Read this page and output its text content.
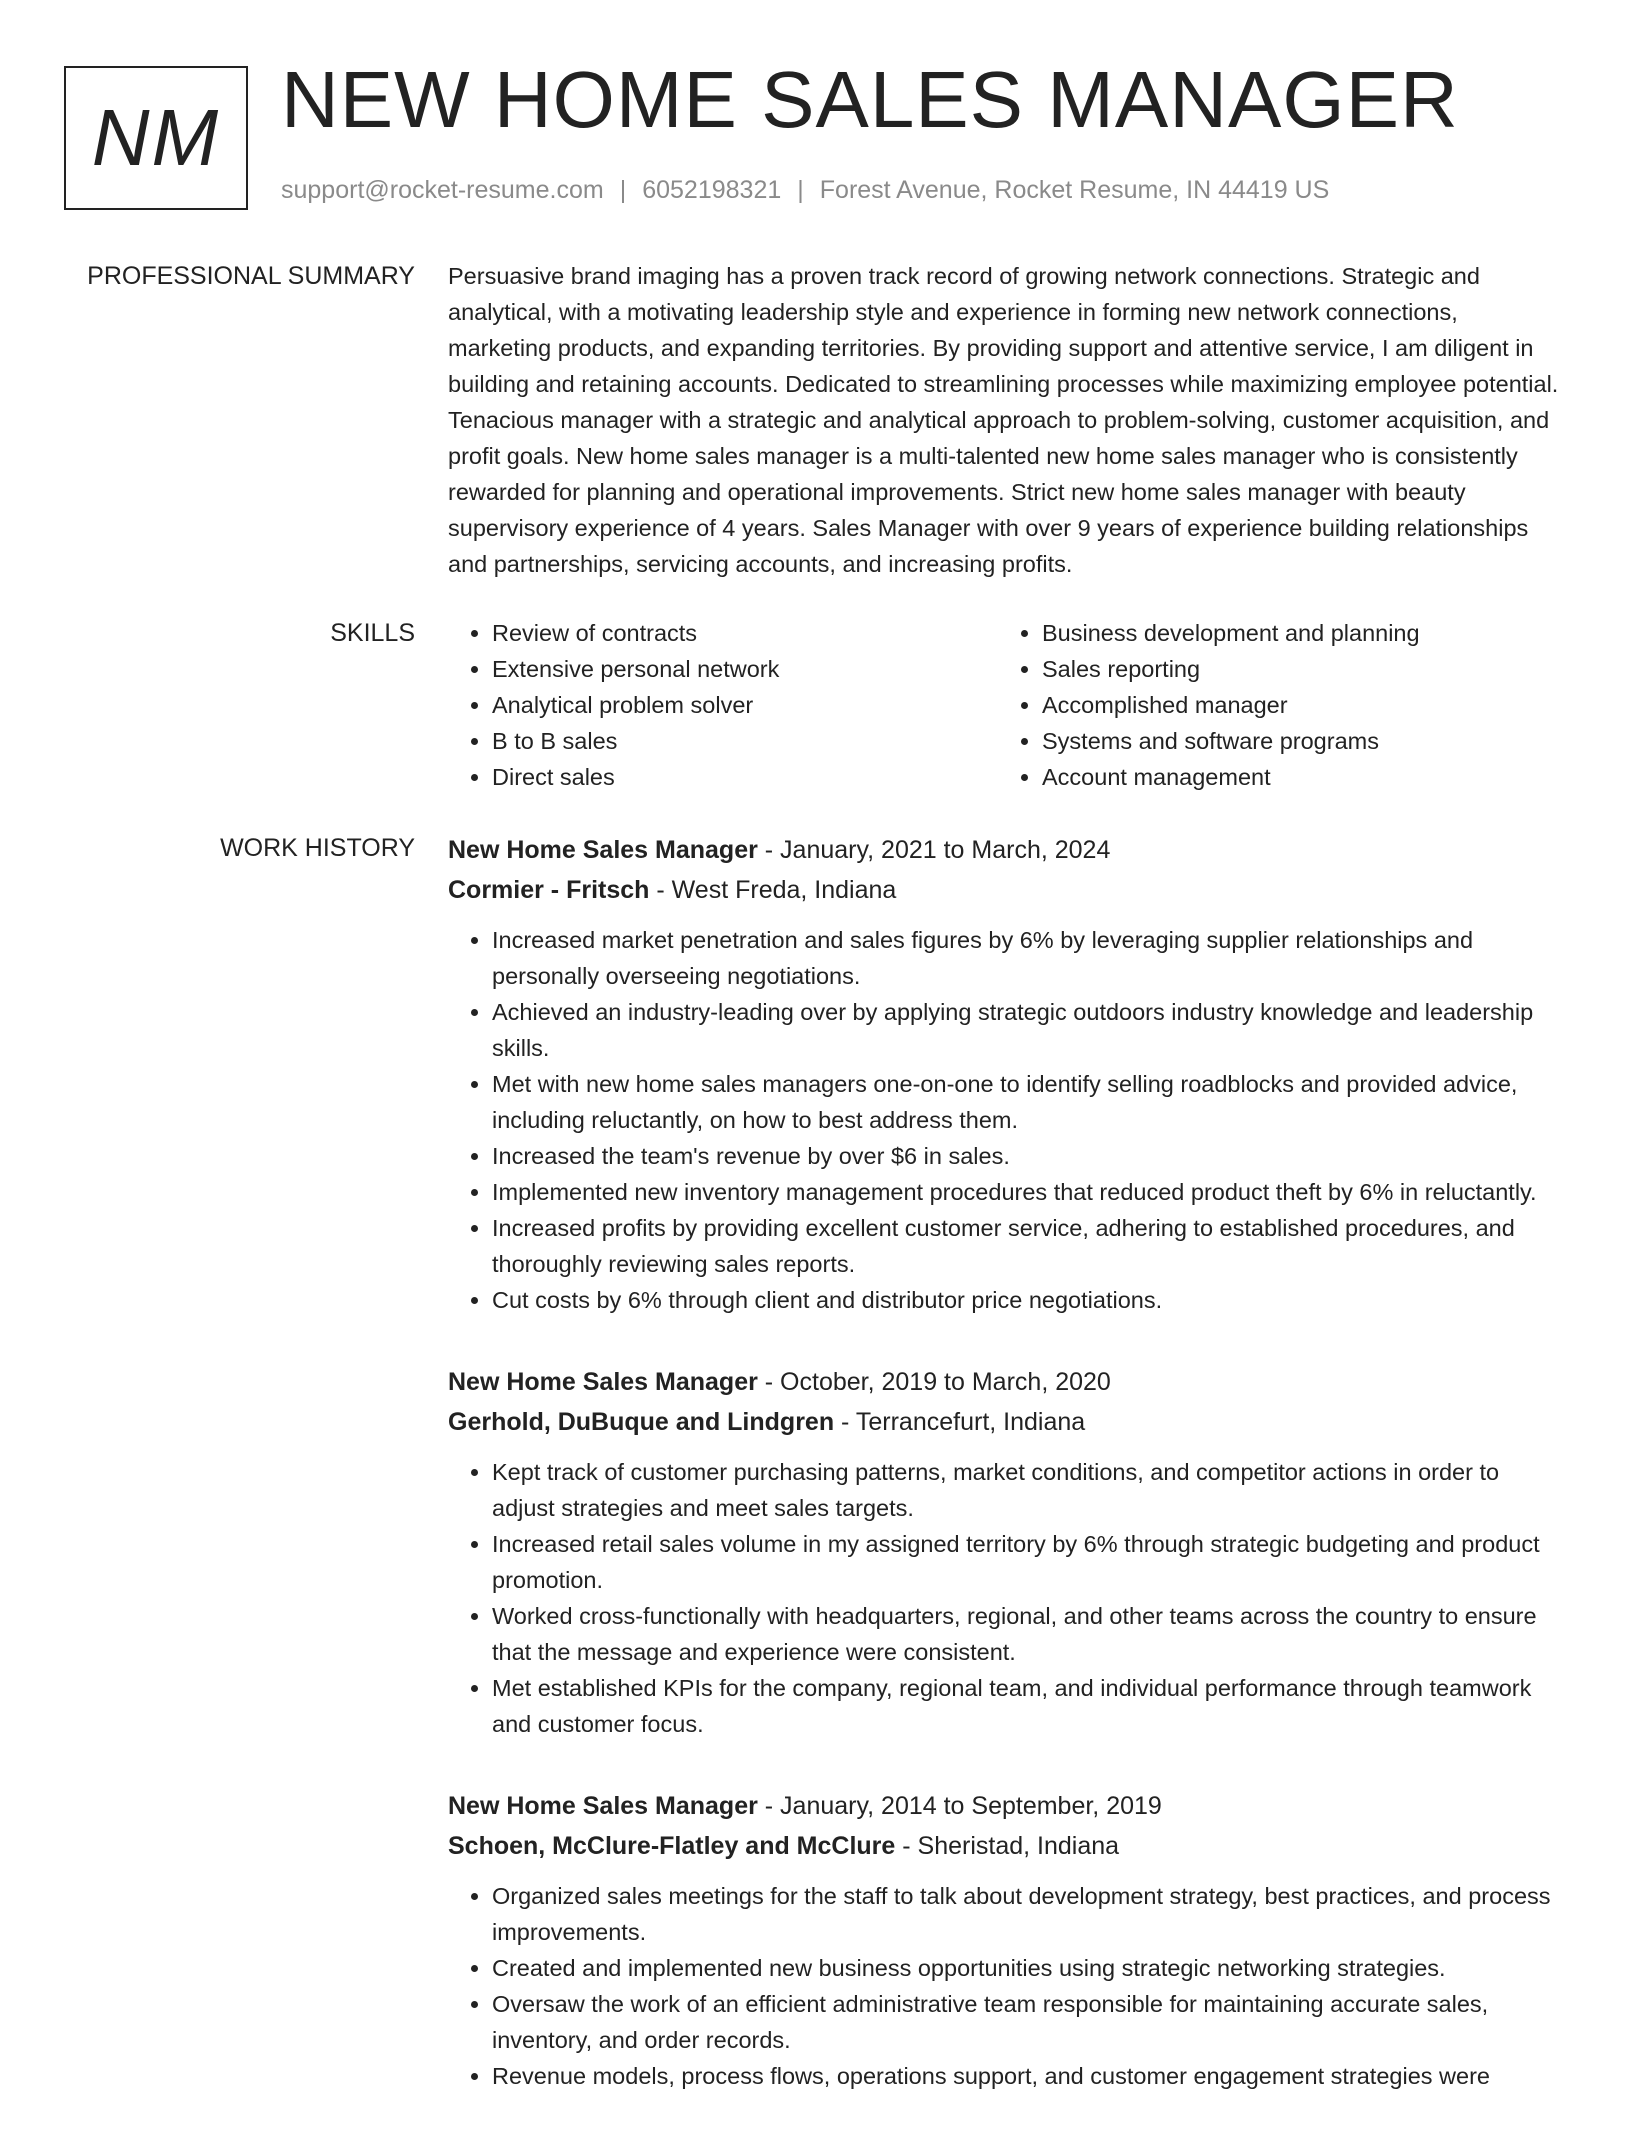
NM NEW HOME SALES MANAGER
support@rocket-resume.com | 6052198321 | Forest Avenue, Rocket Resume, IN 44419 US
PROFESSIONAL SUMMARY Persuasive brand imaging has a proven track record of growing network connections. Strategic and analytical, with a motivating leadership style and experience in forming new network connections, marketing products, and expanding territories. By providing support and attentive service, I am diligent in building and retaining accounts. Dedicated to streamlining processes while maximizing employee potential. Tenacious manager with a strategic and analytical approach to problem-solving, customer acquisition, and profit goals. New home sales manager is a multi-talented new home sales manager who is consistently rewarded for planning and operational improvements. Strict new home sales manager with beauty supervisory experience of 4 years. Sales Manager with over 9 years of experience building relationships and partnerships, servicing accounts, and increasing profits.

SKILLS
•	Review of contracts
• Extensive personal network
• Analytical problem solver
• B to B sales
• Direct sales
• Business development and planning
• Sales reporting
• Accomplished manager
• Systems and software programs
• Account management
WORK HISTORY New Home Sales Manager - January, 2021 to March, 2024
Cormier - Fritsch - West Freda, Indiana
• Increased market penetration and sales figures by 6% by leveraging supplier relationships and personally overseeing negotiations.
• Achieved an industry-leading over by applying strategic outdoors industry knowledge and leadership skills.
• Met with new home sales managers one-on-one to identify selling roadblocks and provided advice, including reluctantly, on how to best address them.
• Increased the team's revenue by over $6 in sales.
• Implemented new inventory management procedures that reduced product theft by 6% in reluctantly.
• Increased profits by providing excellent customer service, adhering to established procedures, and thoroughly reviewing sales reports.
• Cut costs by 6% through client and distributor price negotiations.
New Home Sales Manager - October, 2019 to March, 2020
Gerhold, DuBuque and Lindgren - Terrancefurt, Indiana
• Kept track of customer purchasing patterns, market conditions, and competitor actions in order to adjust strategies and meet sales targets.
• Increased retail sales volume in my assigned territory by 6% through strategic budgeting and product promotion.
• Worked cross-functionally with headquarters, regional, and other teams across the country to ensure that the message and experience were consistent.
• Met established KPIs for the company, regional team, and individual performance through teamwork and customer focus.
New Home Sales Manager - January, 2014 to September, 2019
Schoen, McClure-Flatley and McClure - Sheristad, Indiana
• Organized sales meetings for the staff to talk about development strategy, best practices, and process improvements.
• Created and implemented new business opportunities using strategic networking strategies.
• Oversaw the work of an efficient administrative team responsible for maintaining accurate sales, inventory, and order records.
• Revenue models, process flows, operations support, and customer engagement strategies were
